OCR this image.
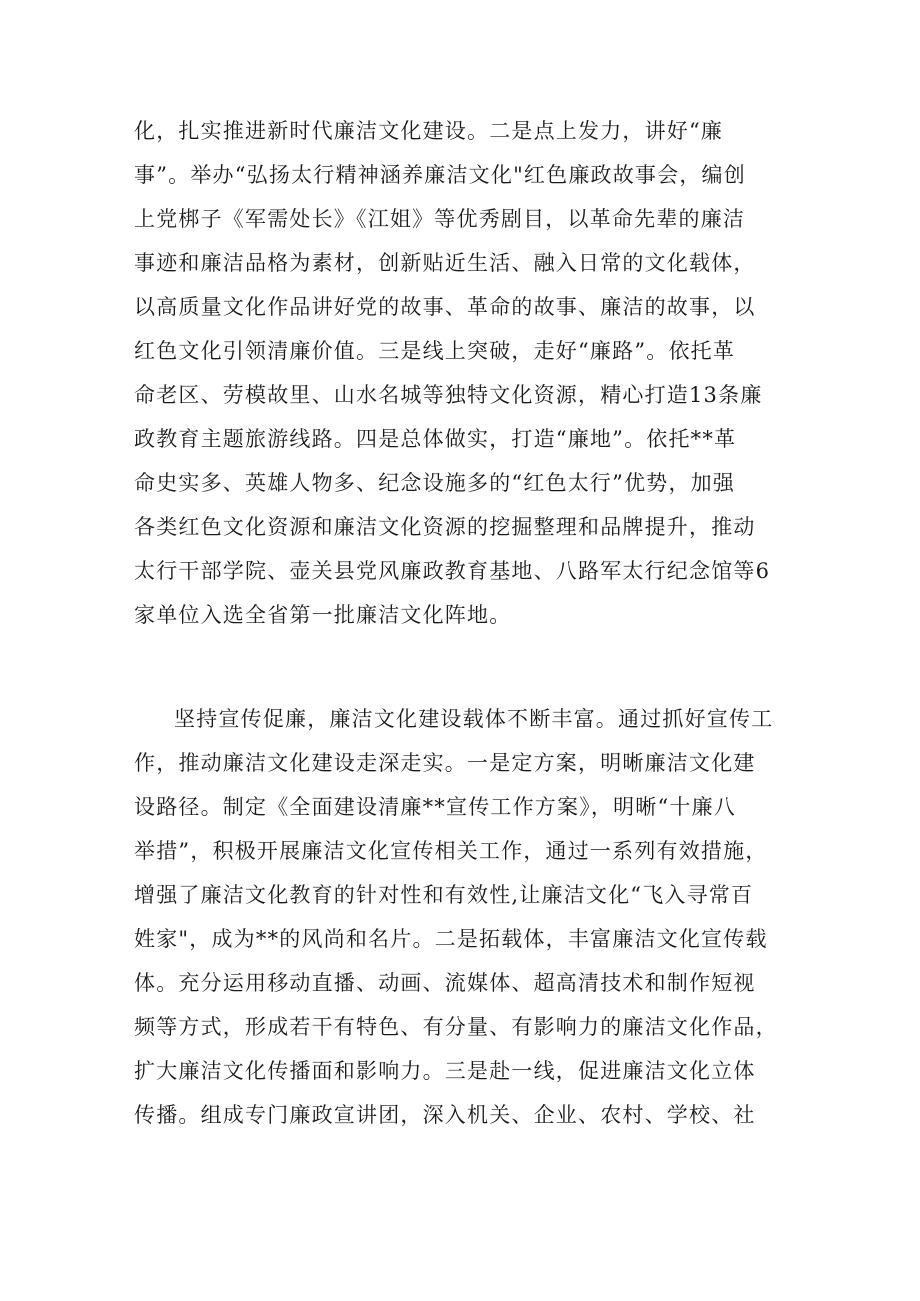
化，扎实推进新时代廉洁文化建设。二是点上发力，讲好“廉
事”。举办“弘扬太行精神涵养廉洁文化"红色廉政故事会，编创
上党梆子《军需处长》《江姐》等优秀剧目，以革命先辈的廉洁
事迹和廉洁品格为素材，创新贴近生活、融入日常的文化载体，
以高质量文化作品讲好党的故事、革命的故事、廉洁的故事，以
红色文化引领清廉价值。三是线上突破，走好“廉路”。依托革
命老区、劳模故里、山水名城等独特文化资源，精心打造13条廉
政教育主题旅游线路。四是总体做实，打造“廉地”。依托**革
命史实多、英雄人物多、纪念设施多的“红色太行”优势，加强
各类红色文化资源和廉洁文化资源的挖掘整理和品牌提升，推动
太行干部学院、壶关县党风廉政教育基地、八路军太行纪念馆等6
家单位入选全省第一批廉洁文化阵地。
坚持宣传促廉，廉洁文化建设载体不断丰富。通过抓好宣传工
作，推动廉洁文化建设走深走实。一是定方案，明晰廉洁文化建
设路径。制定《全面建设清廉**宣传工作方案》，明晰“十廉八
举措”，积极开展廉洁文化宣传相关工作，通过一系列有效措施，
增强了廉洁文化教育的针对性和有效性,让廉洁文化“飞入寻常百
姓家"，成为**的风尚和名片。二是拓载体，丰富廉洁文化宣传载
体。充分运用移动直播、动画、流媒体、超高清技术和制作短视
频等方式，形成若干有特色、有分量、有影响力的廉洁文化作品，
扩大廉洁文化传播面和影响力。三是赴一线，促进廉洁文化立体
传播。组成专门廉政宣讲团，深入机关、企业、农村、学校、社
